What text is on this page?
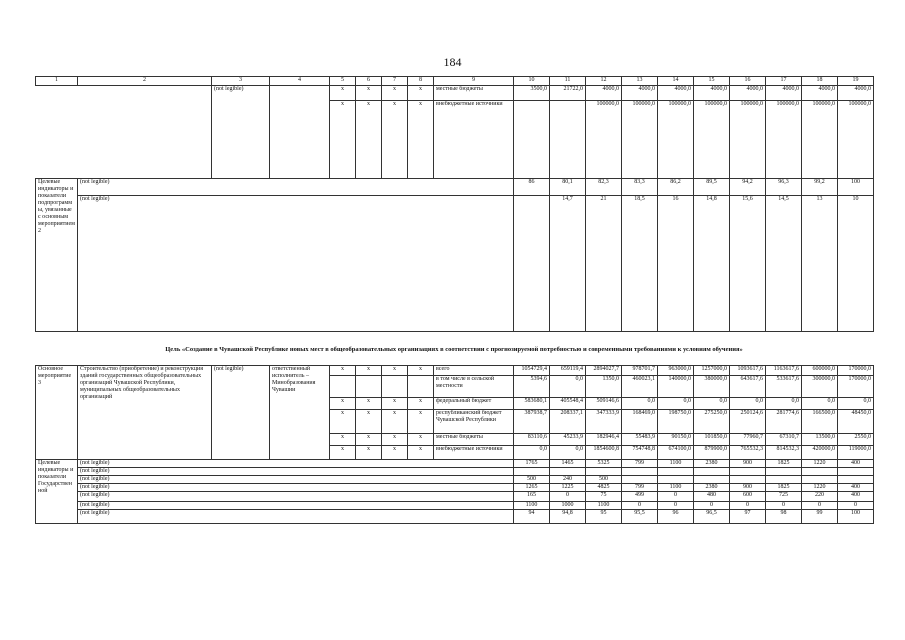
184
1	2	3	4	5	6	7	8	9	10	11	12	13	14	15	16	17	18	19
		(not legible)		x	x	x	x	местные бюджеты	3500,0	21722,0	4000,0	4000,0	4000,0	4000,0	4000,0	4000,0	4000,0	4000,0
				x	x	x	x	внебюджетные источники			100000,0	100000,0	100000,0	100000,0	100000,0	100000,0	100000,0	100000,0
Целевые индикаторы и показатели подпрограммы, увязанные с основным мероприятием 2	(not legible)								86	80,1	82,3	83,3	86,2	89,5	94,2	96,3	99,2	100
	(not legible)									14,7	21	18,5	16	14,8	15,6	14,5	13	10
Цель «Создание в Чувашской Республике новых мест в общеобразовательных организациях в соответствии с прогнозируемой потребностью и современными требованиями к условиям обучения»
Основное мероприятие 3	Строительство (приобретение) и реконструкция зданий государственных общеобразовательных организаций Чувашской Республики, муниципальных общеобразовательных организаций	(not legible)	ответственный исполнитель – Минобразования Чувашии	x	x	x	x	всего	1054729,4	659119,4	2894027,7	978701,7	963000,0	1257000,0	1093617,6	1163617,6	600000,0	170000,0
								в том числе в сельской местности	5394,6	0,0	1350,0	460023,1	140000,0	380000,0	643617,6	533617,6	300000,0	170000,0
				x	x	x	x	федеральный бюджет	583680,1	405548,4	509146,6	0,0	0,0	0,0	0,0	0,0	0,0	0,0
				x	x	x	x	республиканский бюджет Чувашской Республики	387938,7	208337,1	347333,9	168469,0	198750,0	275250,0	250124,6	281774,6	166500,0	48450,0
				x	x	x	x	местные бюджеты	83110,6	45233,9	182946,4	55483,9	90150,0	101850,0	77960,7	67310,7	13500,0	2550,0
				x	x	x	x	внебюджетные источники	0,0	0,0	1854600,8	754748,8	674100,0	879900,0	765532,3	814532,3	420000,0	119000,0
Целевые индикаторы и показатели Государственной	(not legible)								1765	1465	5325	799	1100	2380	900	1825	1220	400
	(not legible)																	
	(not legible)								500	240	500							
	(not legible)								1265	1225	4825	799	1100	2380	900	1825	1220	400
	(not legible)								165	0	75	499	0	480	600	725	220	400
	(not legible)								1100	1000	1100	0	0	0	0	0	0	0
	(not legible)								94	94,8	95	95,5	96	96,5	97	98	99	100
